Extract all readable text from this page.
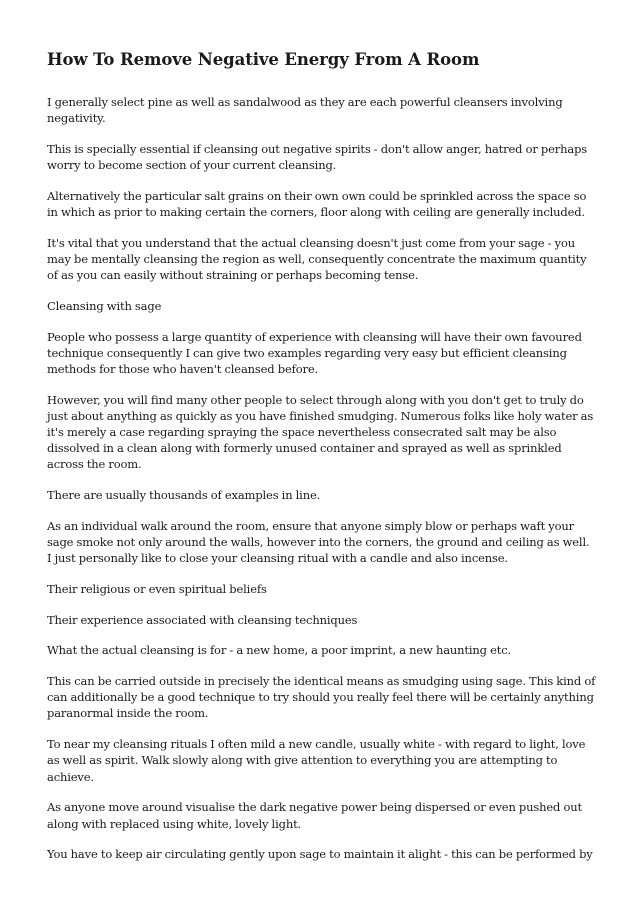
How To Remove Negative Energy From A Room

I generally select pine as well as sandalwood as they are each powerful cleansers involving negativity.

This is specially essential if cleansing out negative spirits - don't allow anger, hatred or perhaps worry to become section of your current cleansing.

Alternatively the particular salt grains on their own own could be sprinkled across the space so in which as prior to making certain the corners, floor along with ceiling are generally included.

It's vital that you understand that the actual cleansing doesn't just come from your sage - you may be mentally cleansing the region as well, consequently concentrate the maximum quantity of as you can easily without straining or perhaps becoming tense.

Cleansing with sage

People who possess a large quantity of experience with cleansing will have their own favoured technique consequently I can give two examples regarding very easy but efficient cleansing methods for those who haven't cleansed before.

However, you will find many other people to select through along with you don't get to truly do just about anything as quickly as you have finished smudging. Numerous folks like holy water as it's merely a case regarding spraying the space nevertheless consecrated salt may be also dissolved in a clean along with formerly unused container and sprayed as well as sprinkled across the room.

There are usually thousands of examples in line.

As an individual walk around the room, ensure that anyone simply blow or perhaps waft your sage smoke not only around the walls, however into the corners, the ground and ceiling as well. I just personally like to close your cleansing ritual with a candle and also incense.

Their religious or even spiritual beliefs

Their experience associated with cleansing techniques

What the actual cleansing is for - a new home, a poor imprint, a new haunting etc.

This can be carried outside in precisely the identical means as smudging using sage. This kind of can additionally be a good technique to try should you really feel there will be certainly anything paranormal inside the room.

To near my cleansing rituals I often mild a new candle, usually white - with regard to light, love as well as spirit. Walk slowly along with give attention to everything you are attempting to achieve.

As anyone move around visualise the dark negative power being dispersed or even pushed out along with replaced using white, lovely light.

You have to keep air circulating gently upon sage to maintain it alight - this can be performed by
